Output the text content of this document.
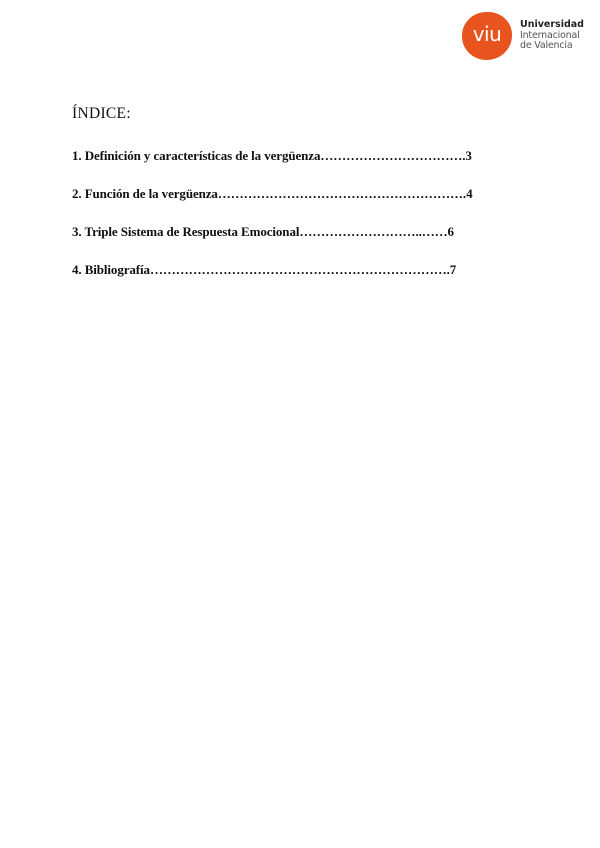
viu	Universidad
Internacional
de Valencia
ÍNDICE:
1. Definición y características de la vergüenza…………………………….3
2. Función de la vergüenza………………………………………………….4
3. Triple Sistema de Respuesta Emocional………………………..……6
4. Bibliografía…………………………………………………………….7
